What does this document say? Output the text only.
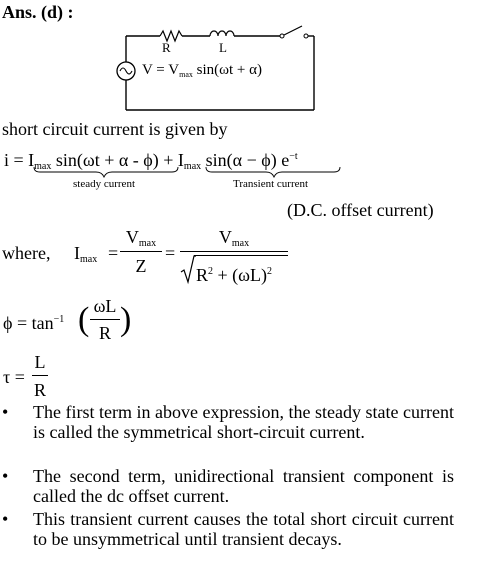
Ans. (d) :
R	L
$V = V_{max}$ sin(ωt + α)
short circuit current is given by
$i = I_{max}$ $\sin(\omega t + \alpha - \phi) + I_{max}$ sin(α − ϕ) $e^{-t}$
steady current	Transient current
(D.C. offset current)
where, $I_{max}$ =
$V_{max}$
Z
=
$V_{max}$
$R^2 + (\omega L)^2$
$\phi = \tan^{-1}$ ( ωL
R )
τ =
L
R
• The first term in above expression, the steady state current is called the symmetrical short-circuit current.
• The second term, unidirectional transient component is called the dc offset current.
• This transient current causes the total short circuit current to be unsymmetrical until transient decays.
